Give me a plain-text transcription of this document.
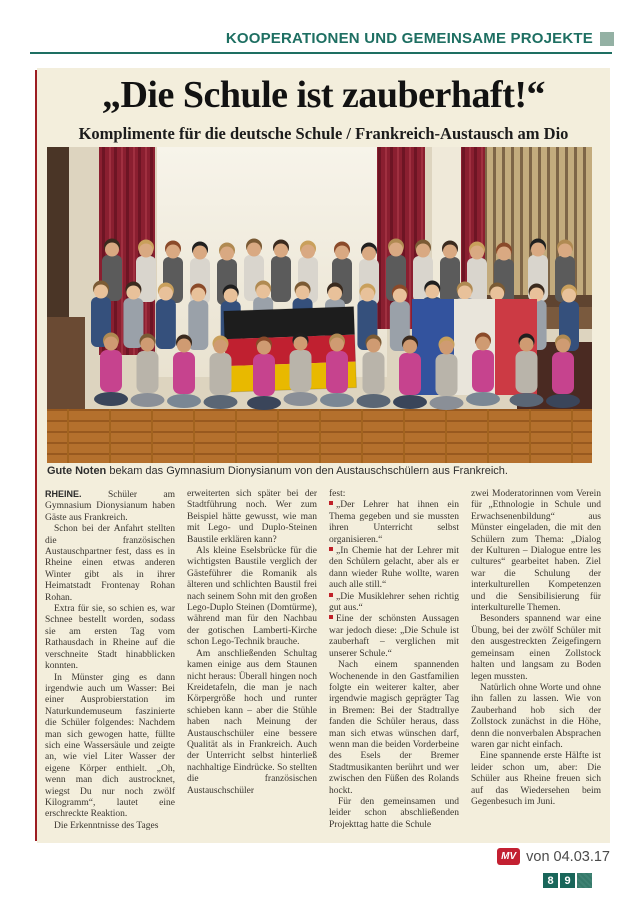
KOOPERATIONEN UND GEMEINSAME PROJEKTE
„Die Schule ist zauberhaft!“
Komplimente für die deutsche Schule / Frankreich-Austausch am Dio

Gute Noten bekam das Gymnasium Dionysianum von den Austauschschülern aus Frankreich.

RHEINE. Schüler am Gymnasium Dionysianum haben Gäste aus Frankreich.

Schon bei der Anfahrt stellten die französischen Austauschpartner fest, dass es in Rheine einen etwas anderen Winter gibt als in ihrer Heimatstadt Frontenay Rohan Rohan.

Extra für sie, so schien es, war Schnee bestellt worden, sodass sie am ersten Tag vom Rathausdach in Rheine auf die verschneite Stadt hinabblicken konnten.

In Münster ging es dann irgendwie auch um Wasser: Bei einer Ausprobierstation im Naturkundemuseum faszinierte die Schüler folgendes: Nachdem man sich gewogen hatte, füllte sich eine Wassersäule und zeigte an, wie viel Liter Wasser der eigene Körper enthielt. „Oh, wenn man dich austrocknet, wiegst Du nur noch zwölf Kilogramm“, lautet eine erschreckte Reaktion.

Die Erkenntnisse des Tages

erweiterten sich später bei der Stadtführung noch. Wer zum Beispiel hätte gewusst, wie man mit Lego- und Duplo-Steinen Baustile erklären kann?

Als kleine Eselsbrücke für die wichtigsten Baustile verglich der Gästeführer die Romanik als älteren und schlichten Baustil frei nach seinem Sohn mit den großen Lego-Duplo Steinen (Domtürme), während man für den Nachbau der gotischen Lamberti-Kirche schon Lego-Technik brauche.

Am anschließenden Schultag kamen einige aus dem Staunen nicht heraus: Überall hingen noch Kreidetafeln, die man je nach Körpergröße hoch und runter schieben kann – aber die Stühle haben nach Meinung der Austauschschüler eine bessere Qualität als in Frankreich. Auch der Unterricht selbst hinterließ nachhaltige Eindrücke. So stellten die französischen Austauschschüler

fest:

„Der Lehrer hat ihnen ein Thema gegeben und sie mussten ihren Unterricht selbst organisieren.“

„In Chemie hat der Lehrer mit den Schülern gelacht, aber als er dann wieder Ruhe wollte, waren auch alle still.“

„Die Musiklehrer sehen richtig gut aus.“

Eine der schönsten Aussagen war jedoch diese: „Die Schule ist zauberhaft – verglichen mit unserer Schule.“

Nach einem spannenden Wochenende in den Gastfamilien folgte ein weiterer kalter, aber irgendwie magisch geprägter Tag in Bremen: Bei der Stadtrallye fanden die Schüler heraus, dass man sich etwas wünschen darf, wenn man die beiden Vorderbeine des Esels der Bremer Stadtmusikanten berührt und wer zwischen den Füßen des Rolands hockt.

Für den gemeinsamen und leider schon abschließenden Projekttag hatte die Schule

zwei Moderatorinnen vom Verein für „Ethnologie in Schule und Erwachsenenbildung“ aus Münster eingeladen, die mit den Schülern zum Thema: „Dialog der Kulturen – Dialogue entre les cultures“ gearbeitet haben. Ziel war die Schulung der interkulturellen Kompetenzen und die Sensibilisierung für interkulturelle Themen.

Besonders spannend war eine Übung, bei der zwölf Schüler mit den ausgestreckten Zeigefingern gemeinsam einen Zollstock halten und langsam zu Boden legen mussten.

Natürlich ohne Worte und ohne ihn fallen zu lassen. Wie von Zauberhand hob sich der Zollstock zunächst in die Höhe, denn die nonverbalen Absprachen waren gar nicht einfach.

Eine spannende erste Hälfte ist leider schon um, aber: Die Schüler aus Rheine freuen sich auf das Wiedersehen beim Gegenbesuch im Juni.

MV von 04.03.17
8 9
